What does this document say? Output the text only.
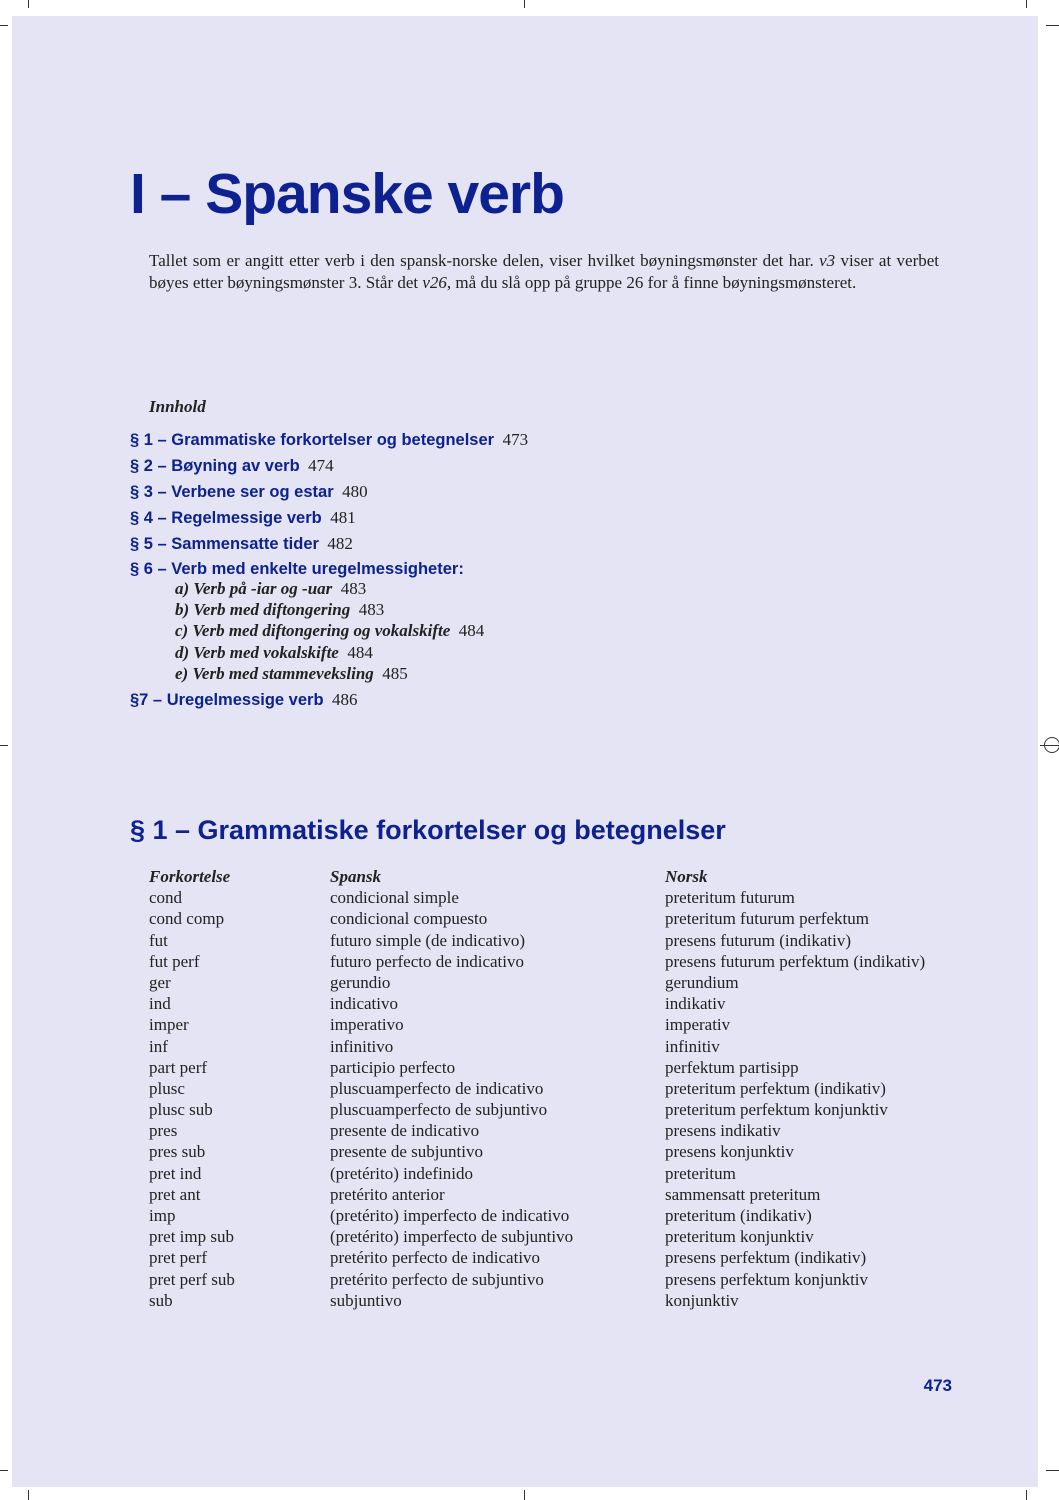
I – Spanske verb

Tallet som er angitt etter verb i den spansk-norske delen, viser hvilket bøyningsmønster det har. v3 viser at verbet bøyes etter bøyningsmønster 3. Står det v26, må du slå opp på gruppe 26 for å finne bøyningsmønsteret.

Innhold
§ 1 – Grammatiske forkortelser og betegnelser 473
§ 2 – Bøyning av verb 474
§ 3 – Verbene ser og estar 480
§ 4 – Regelmessige verb 481
§ 5 – Sammensatte tider 482
§ 6 – Verb med enkelte uregelmessigheter:
a) Verb på -iar og -uar 483
b) Verb med diftongering 483
c) Verb med diftongering og vokalskifte 484
d) Verb med vokalskifte 484
e) Verb med stammeveksling 485
§7 – Uregelmessige verb 486
§ 1 – Grammatiske forkortelser og betegnelser
Forkortelse	Spansk	Norsk
cond	condicional simple	preteritum futurum
cond comp	condicional compuesto	preteritum futurum perfektum
fut	futuro simple (de indicativo)	presens futurum (indikativ)
fut perf	futuro perfecto de indicativo	presens futurum perfektum (indikativ)
ger	gerundio	gerundium
ind	indicativo	indikativ
imper	imperativo	imperativ
inf	infinitivo	infinitiv
part perf	participio perfecto	perfektum partisipp
plusc	pluscuamperfecto de indicativo	preteritum perfektum (indikativ)
plusc sub	pluscuamperfecto de subjuntivo	preteritum perfektum konjunktiv
pres	presente de indicativo	presens indikativ
pres sub	presente de subjuntivo	presens konjunktiv
pret ind	(pretérito) indefinido	preteritum
pret ant	pretérito anterior	sammensatt preteritum
imp	(pretérito) imperfecto de indicativo	preteritum (indikativ)
pret imp sub	(pretérito) imperfecto de subjuntivo	preteritum konjunktiv
pret perf	pretérito perfecto de indicativo	presens perfektum (indikativ)
pret perf sub	pretérito perfecto de subjuntivo	presens perfektum konjunktiv
sub	subjuntivo	konjunktiv
473
